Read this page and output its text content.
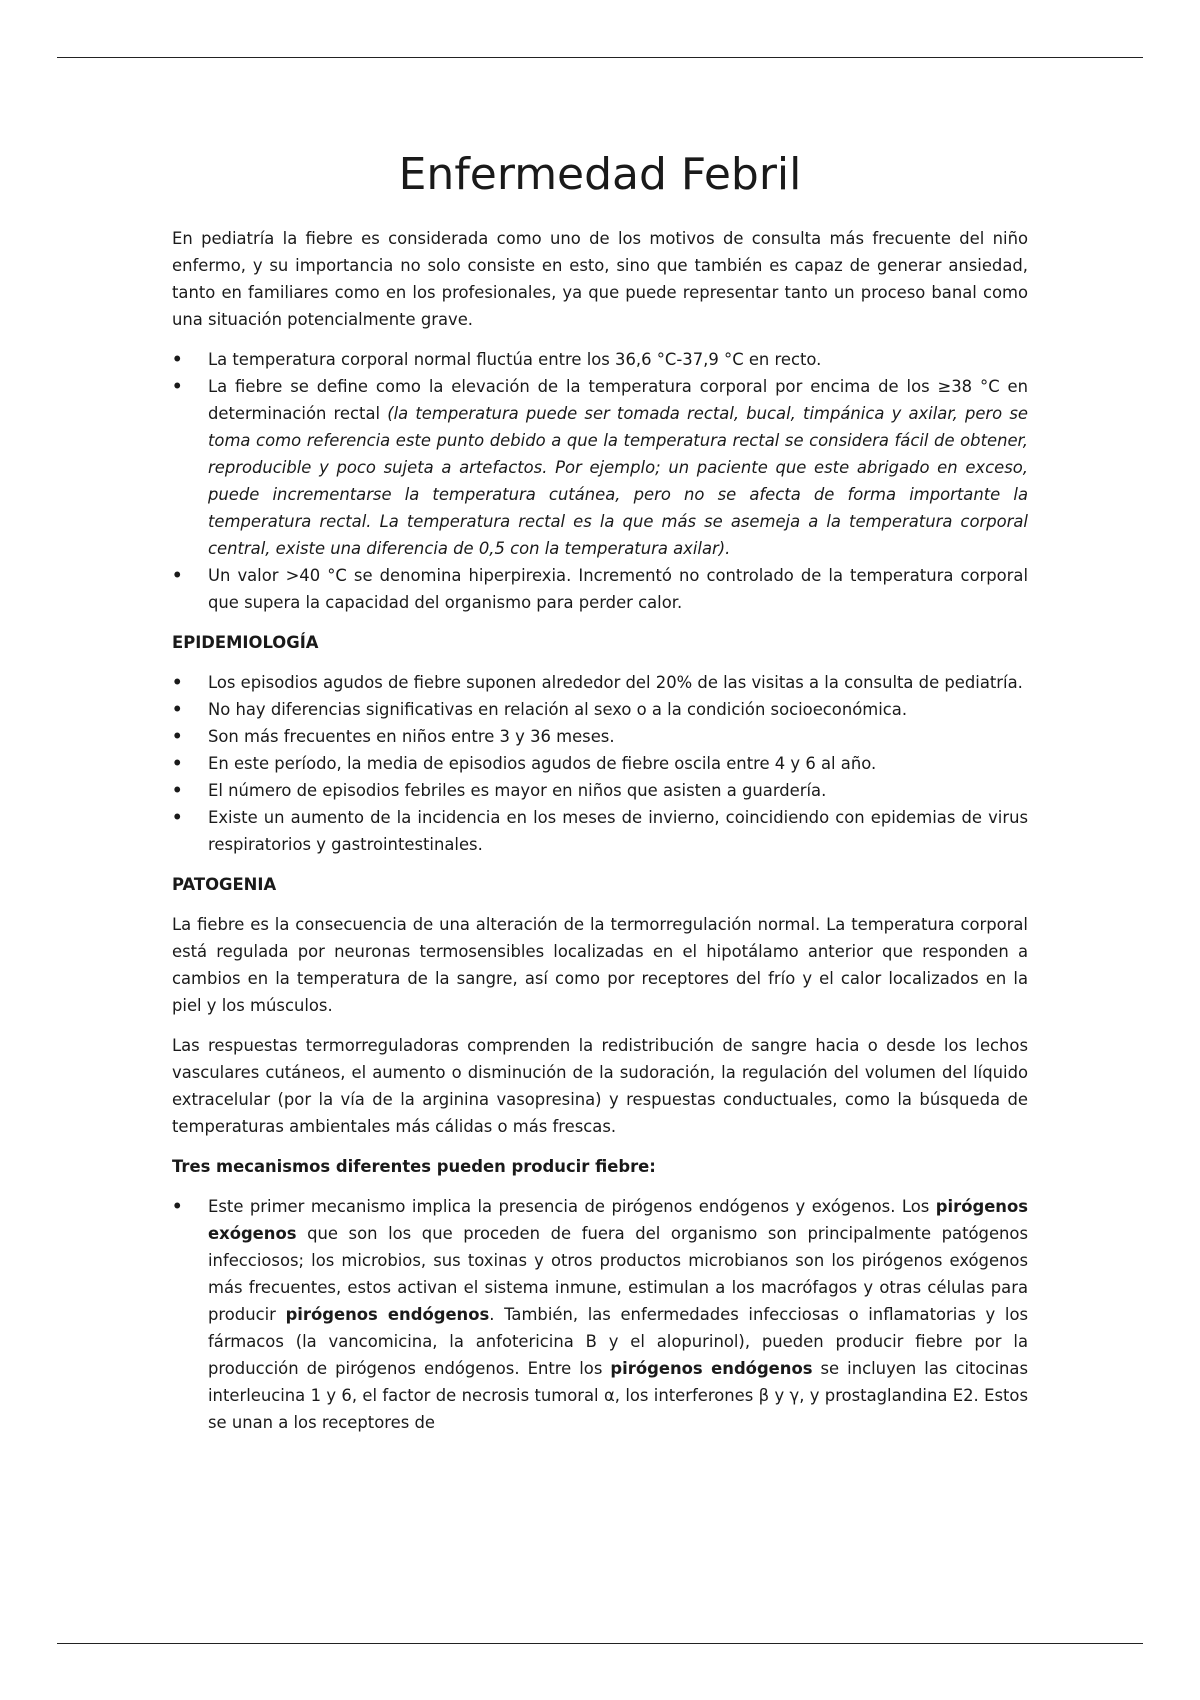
Enfermedad Febril

En pediatría la fiebre es considerada como uno de los motivos de consulta más frecuente del niño enfermo, y su importancia no solo consiste en esto, sino que también es capaz de generar ansiedad, tanto en familiares como en los profesionales, ya que puede representar tanto un proceso banal como una situación potencialmente grave.

•	La temperatura corporal normal fluctúa entre los 36,6 °C-37,9 °C en recto.
•	La fiebre se define como la elevación de la temperatura corporal por encima de los ≥38 °C en determinación rectal (la temperatura puede ser tomada rectal, bucal, timpánica y axilar, pero se toma como referencia este punto debido a que la temperatura rectal se considera fácil de obtener, reproducible y poco sujeta a artefactos. Por ejemplo; un paciente que este abrigado en exceso, puede incrementarse la temperatura cutánea, pero no se afecta de forma importante la temperatura rectal. La temperatura rectal es la que más se asemeja a la temperatura corporal central, existe una diferencia de 0,5 con la temperatura axilar).
•	Un valor >40 °C se denomina hiperpirexia. Incrementó no controlado de la temperatura corporal que supera la capacidad del organismo para perder calor.
EPIDEMIOLOGÍA
•	Los episodios agudos de fiebre suponen alrededor del 20% de las visitas a la consulta de pediatría.
•	No hay diferencias significativas en relación al sexo o a la condición socioeconómica.
•	Son más frecuentes en niños entre 3 y 36 meses.
•	En este período, la media de episodios agudos de fiebre oscila entre 4 y 6 al año.
•	El número de episodios febriles es mayor en niños que asisten a guardería.
•	Existe un aumento de la incidencia en los meses de invierno, coincidiendo con epidemias de virus respiratorios y gastrointestinales.
PATOGENIA

La fiebre es la consecuencia de una alteración de la termorregulación normal. La temperatura corporal está regulada por neuronas termosensibles localizadas en el hipotálamo anterior que responden a cambios en la temperatura de la sangre, así como por receptores del frío y el calor localizados en la piel y los músculos.

Las respuestas termorreguladoras comprenden la redistribución de sangre hacia o desde los lechos vasculares cutáneos, el aumento o disminución de la sudoración, la regulación del volumen del líquido extracelular (por la vía de la arginina vasopresina) y respuestas conductuales, como la búsqueda de temperaturas ambientales más cálidas o más frescas.

Tres mecanismos diferentes pueden producir fiebre:
•	Este primer mecanismo implica la presencia de pirógenos endógenos y exógenos. Los pirógenos exógenos que son los que proceden de fuera del organismo son principalmente patógenos infecciosos; los microbios, sus toxinas y otros productos microbianos son los pirógenos exógenos más frecuentes, estos activan el sistema inmune, estimulan a los macrófagos y otras células para producir pirógenos endógenos. También, las enfermedades infecciosas o inflamatorias y los fármacos (la vancomicina, la anfotericina B y el alopurinol), pueden producir fiebre por la producción de pirógenos endógenos. Entre los pirógenos endógenos se incluyen las citocinas interleucina 1 y 6, el factor de necrosis tumoral α, los interferones β y γ, y prostaglandina E2. Estos se unan a los receptores de
